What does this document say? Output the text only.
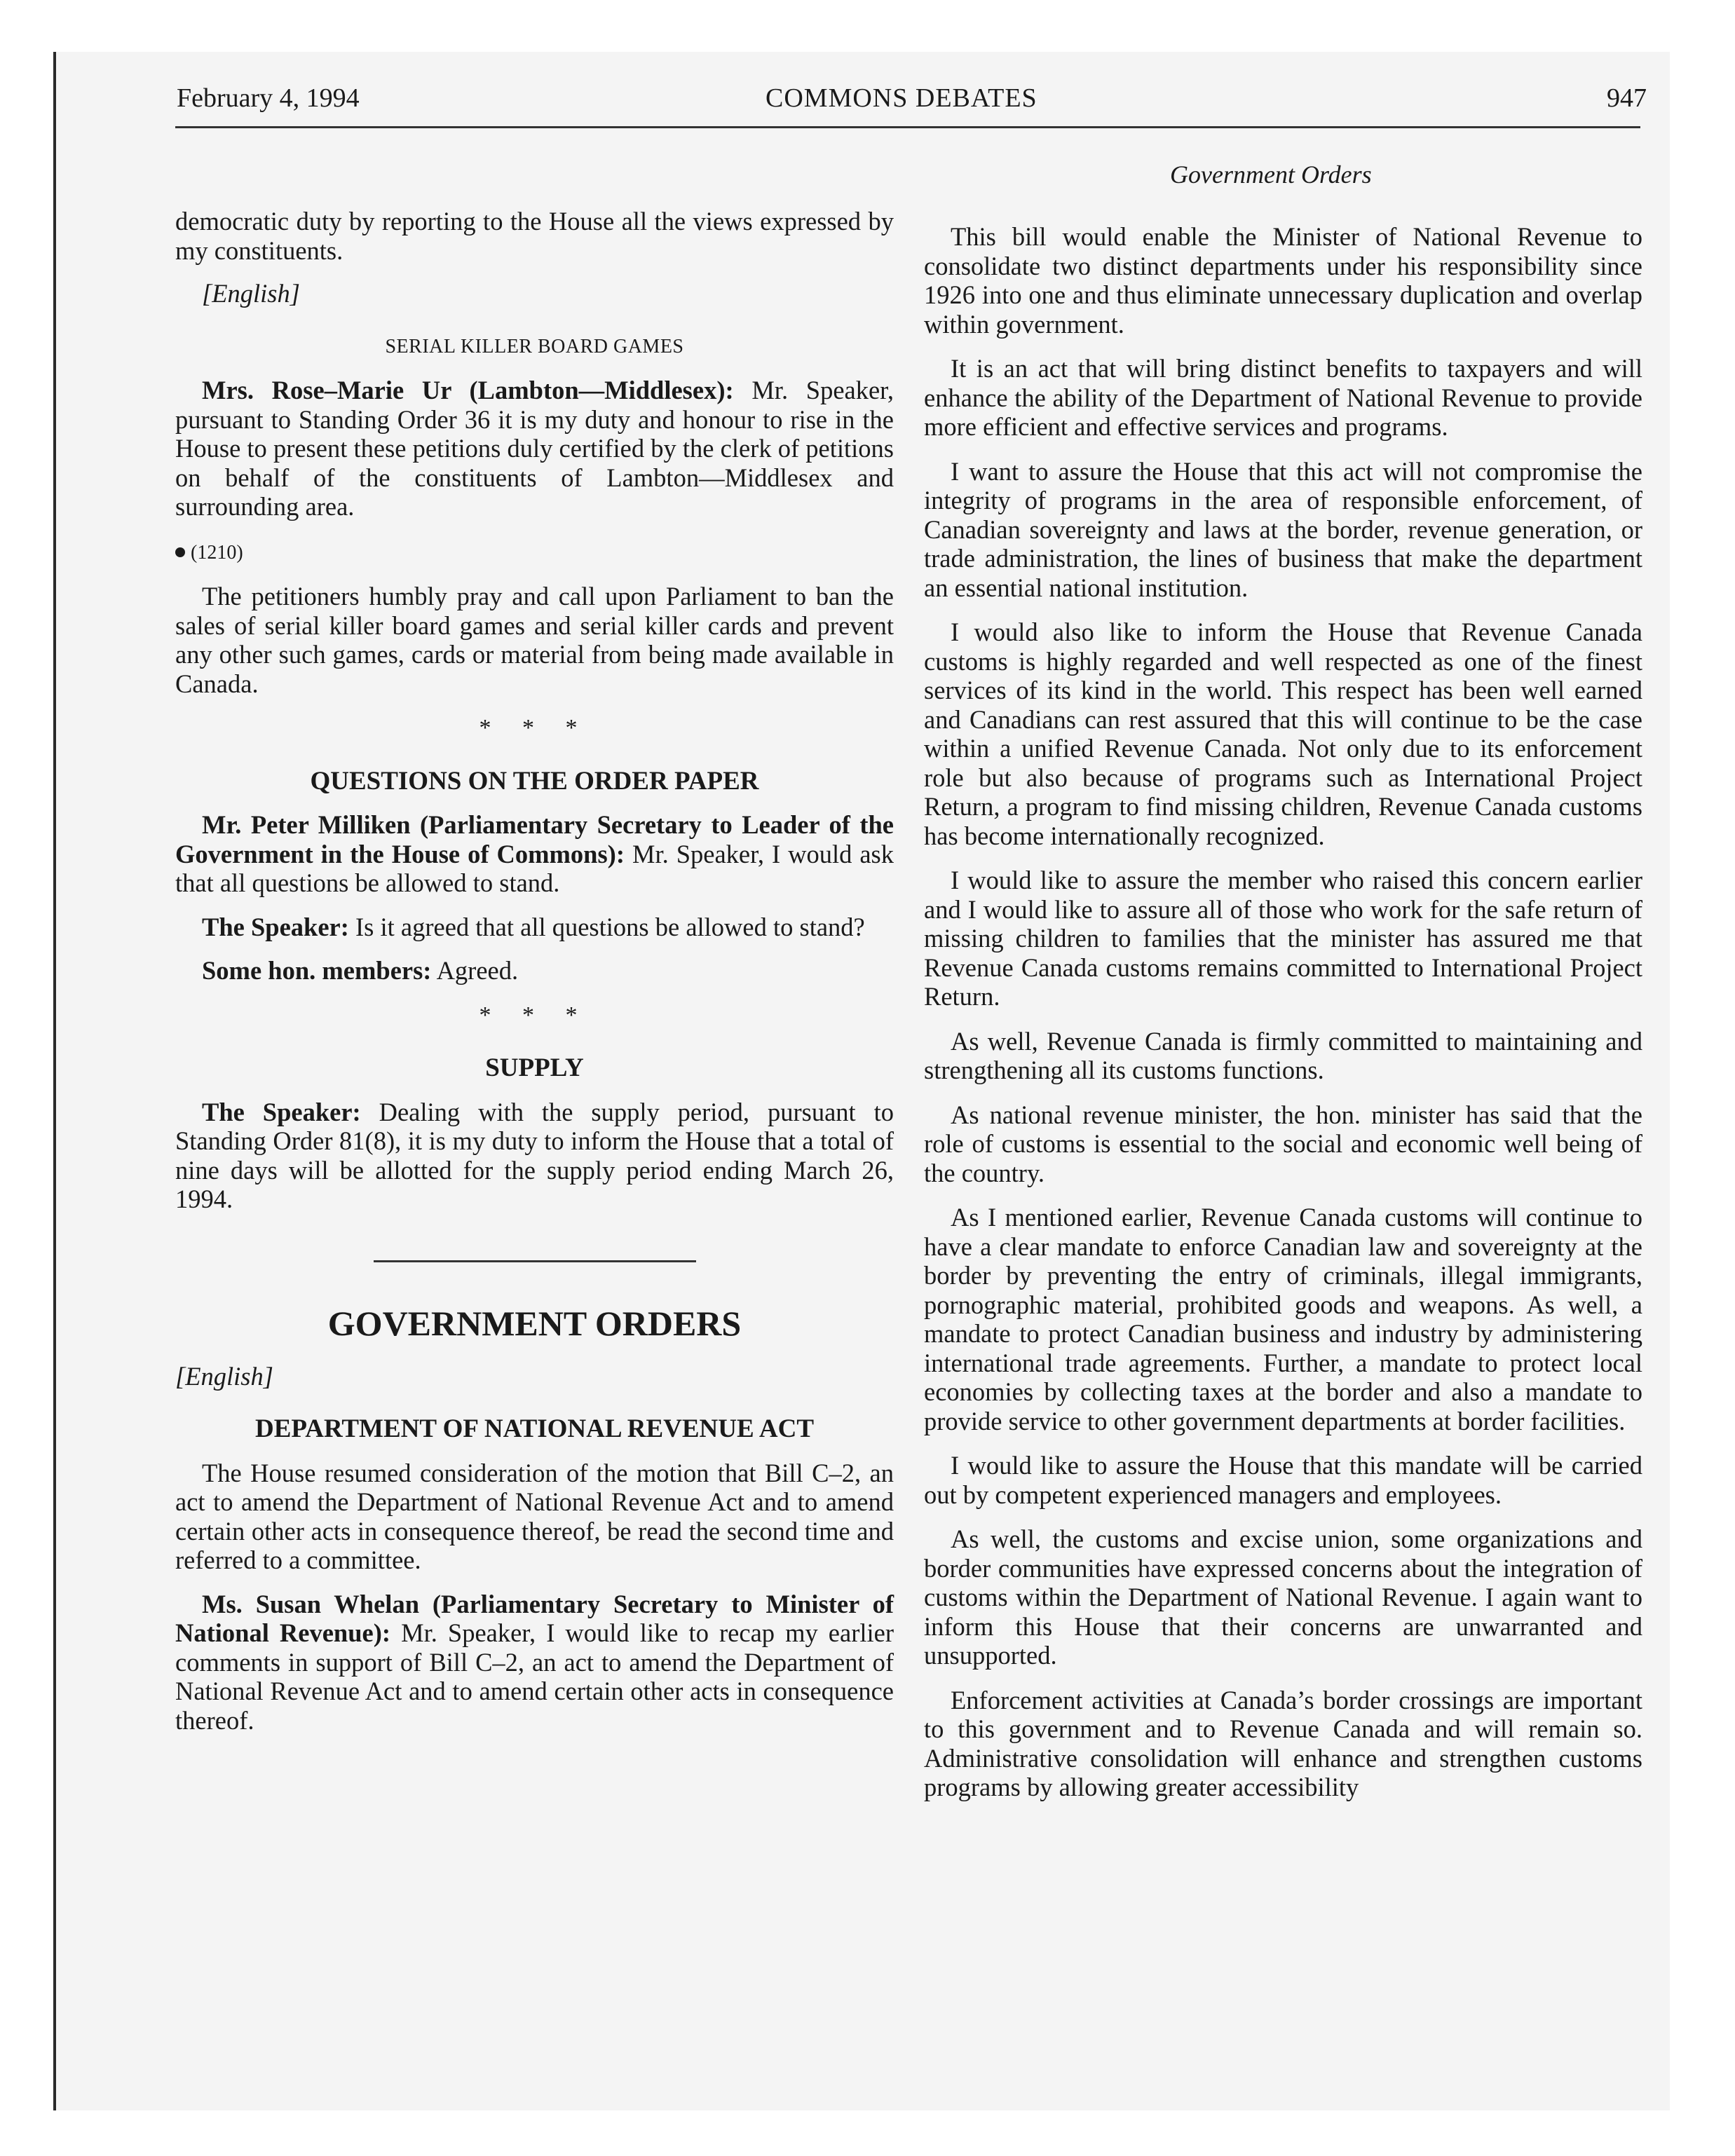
February 4, 1994	COMMONS DEBATES	947
Government Orders

democratic duty by reporting to the House all the views expressed by my constituents.

[English]

SERIAL KILLER BOARD GAMES

Mrs. Rose–Marie Ur (Lambton—Middlesex): Mr. Speaker, pursuant to Standing Order 36 it is my duty and honour to rise in the House to present these petitions duly certified by the clerk of petitions on behalf of the constituents of Lambton—Middlesex and surrounding area.

(1210)

The petitioners humbly pray and call upon Parliament to ban the sales of serial killer board games and serial killer cards and prevent any other such games, cards or material from being made available in Canada.

* * *

QUESTIONS ON THE ORDER PAPER

Mr. Peter Milliken (Parliamentary Secretary to Leader of the Government in the House of Commons): Mr. Speaker, I would ask that all questions be allowed to stand.

The Speaker: Is it agreed that all questions be allowed to stand?

Some hon. members: Agreed.

* * *

SUPPLY

The Speaker: Dealing with the supply period, pursuant to Standing Order 81(8), it is my duty to inform the House that a total of nine days will be allotted for the supply period ending March 26, 1994.

GOVERNMENT ORDERS

[English]

DEPARTMENT OF NATIONAL REVENUE ACT

The House resumed consideration of the motion that Bill C–2, an act to amend the Department of National Revenue Act and to amend certain other acts in consequence thereof, be read the second time and referred to a committee.

Ms. Susan Whelan (Parliamentary Secretary to Minister of National Revenue): Mr. Speaker, I would like to recap my earlier comments in support of Bill C–2, an act to amend the Department of National Revenue Act and to amend certain other acts in consequence thereof.

This bill would enable the Minister of National Revenue to consolidate two distinct departments under his responsibility since 1926 into one and thus eliminate unnecessary duplication and overlap within government.

It is an act that will bring distinct benefits to taxpayers and will enhance the ability of the Department of National Revenue to provide more efficient and effective services and programs.

I want to assure the House that this act will not compromise the integrity of programs in the area of responsible enforcement, of Canadian sovereignty and laws at the border, revenue generation, or trade administration, the lines of business that make the department an essential national institution.

I would also like to inform the House that Revenue Canada customs is highly regarded and well respected as one of the finest services of its kind in the world. This respect has been well earned and Canadians can rest assured that this will continue to be the case within a unified Revenue Canada. Not only due to its enforcement role but also because of programs such as International Project Return, a program to find missing children, Revenue Canada customs has become internationally recognized.

I would like to assure the member who raised this concern earlier and I would like to assure all of those who work for the safe return of missing children to families that the minister has assured me that Revenue Canada customs remains committed to International Project Return.

As well, Revenue Canada is firmly committed to maintaining and strengthening all its customs functions.

As national revenue minister, the hon. minister has said that the role of customs is essential to the social and economic well being of the country.

As I mentioned earlier, Revenue Canada customs will continue to have a clear mandate to enforce Canadian law and sovereignty at the border by preventing the entry of criminals, illegal immigrants, pornographic material, prohibited goods and weapons. As well, a mandate to protect Canadian business and industry by administering international trade agreements. Further, a mandate to protect local economies by collecting taxes at the border and also a mandate to provide service to other government departments at border facilities.

I would like to assure the House that this mandate will be carried out by competent experienced managers and employees.

As well, the customs and excise union, some organizations and border communities have expressed concerns about the integration of customs within the Department of National Revenue. I again want to inform this House that their concerns are unwarranted and unsupported.

Enforcement activities at Canada’s border crossings are important to this government and to Revenue Canada and will remain so. Administrative consolidation will enhance and strengthen customs programs by allowing greater accessibility
